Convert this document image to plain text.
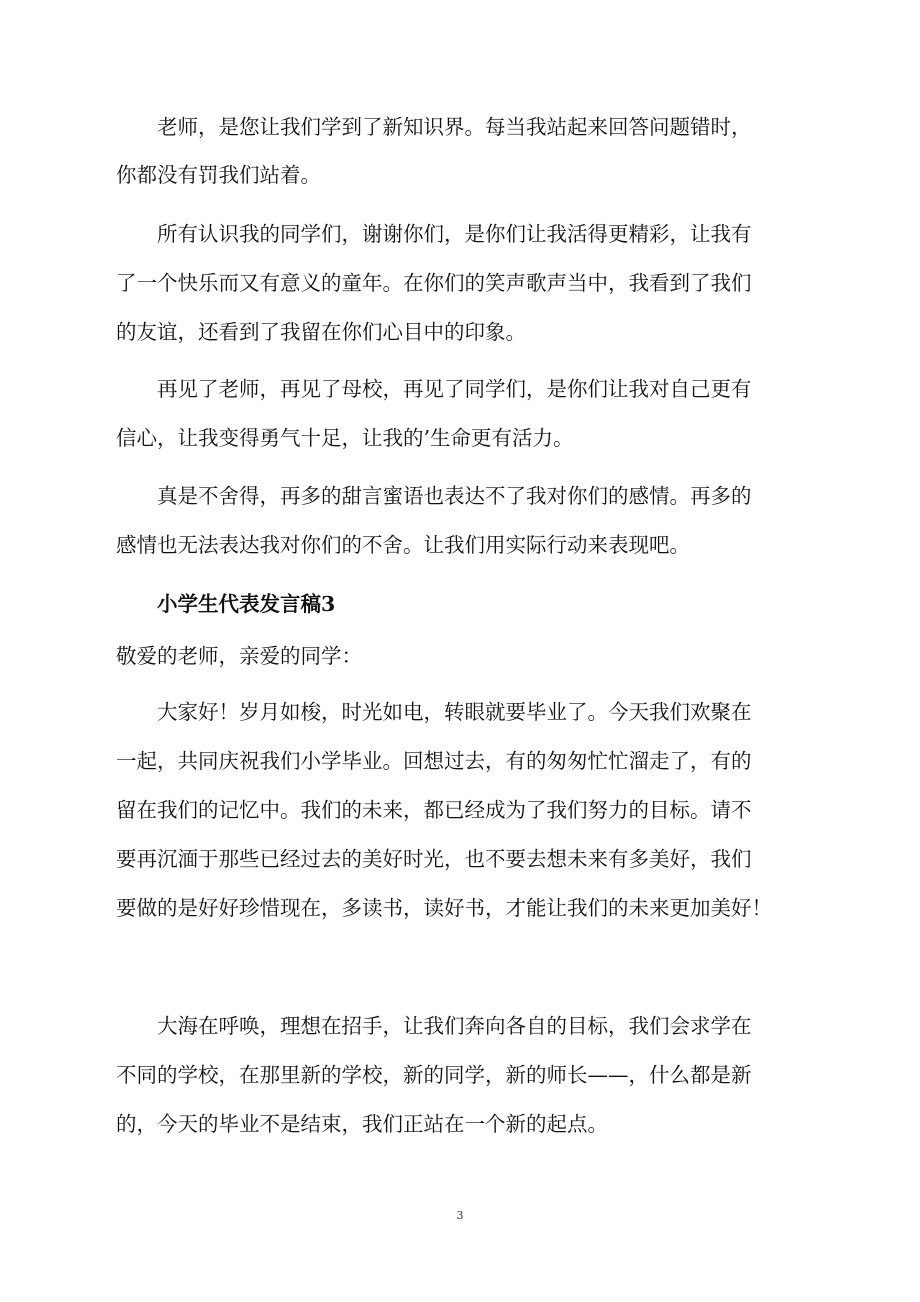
老师，是您让我们学到了新知识界。每当我站起来回答问题错时，

你都没有罚我们站着。

所有认识我的同学们，谢谢你们，是你们让我活得更精彩，让我有

了一个快乐而又有意义的童年。在你们的笑声歌声当中，我看到了我们

的友谊，还看到了我留在你们心目中的印象。

再见了老师，再见了母校，再见了同学们，是你们让我对自己更有

信心，让我变得勇气十足，让我的’生命更有活力。

真是不舍得，再多的甜言蜜语也表达不了我对你们的感情。再多的

感情也无法表达我对你们的不舍。让我们用实际行动来表现吧。

小学生代表发言稿3

敬爱的老师，亲爱的同学：

大家好！岁月如梭，时光如电，转眼就要毕业了。今天我们欢聚在

一起，共同庆祝我们小学毕业。回想过去，有的匆匆忙忙溜走了，有的

留在我们的记忆中。我们的未来，都已经成为了我们努力的目标。请不

要再沉湎于那些已经过去的美好时光，也不要去想未来有多美好，我们

要做的是好好珍惜现在，多读书，读好书，才能让我们的未来更加美好！

大海在呼唤，理想在招手，让我们奔向各自的目标，我们会求学在

不同的学校，在那里新的学校，新的同学，新的师长——，什么都是新

的，今天的毕业不是结束，我们正站在一个新的起点。

3
